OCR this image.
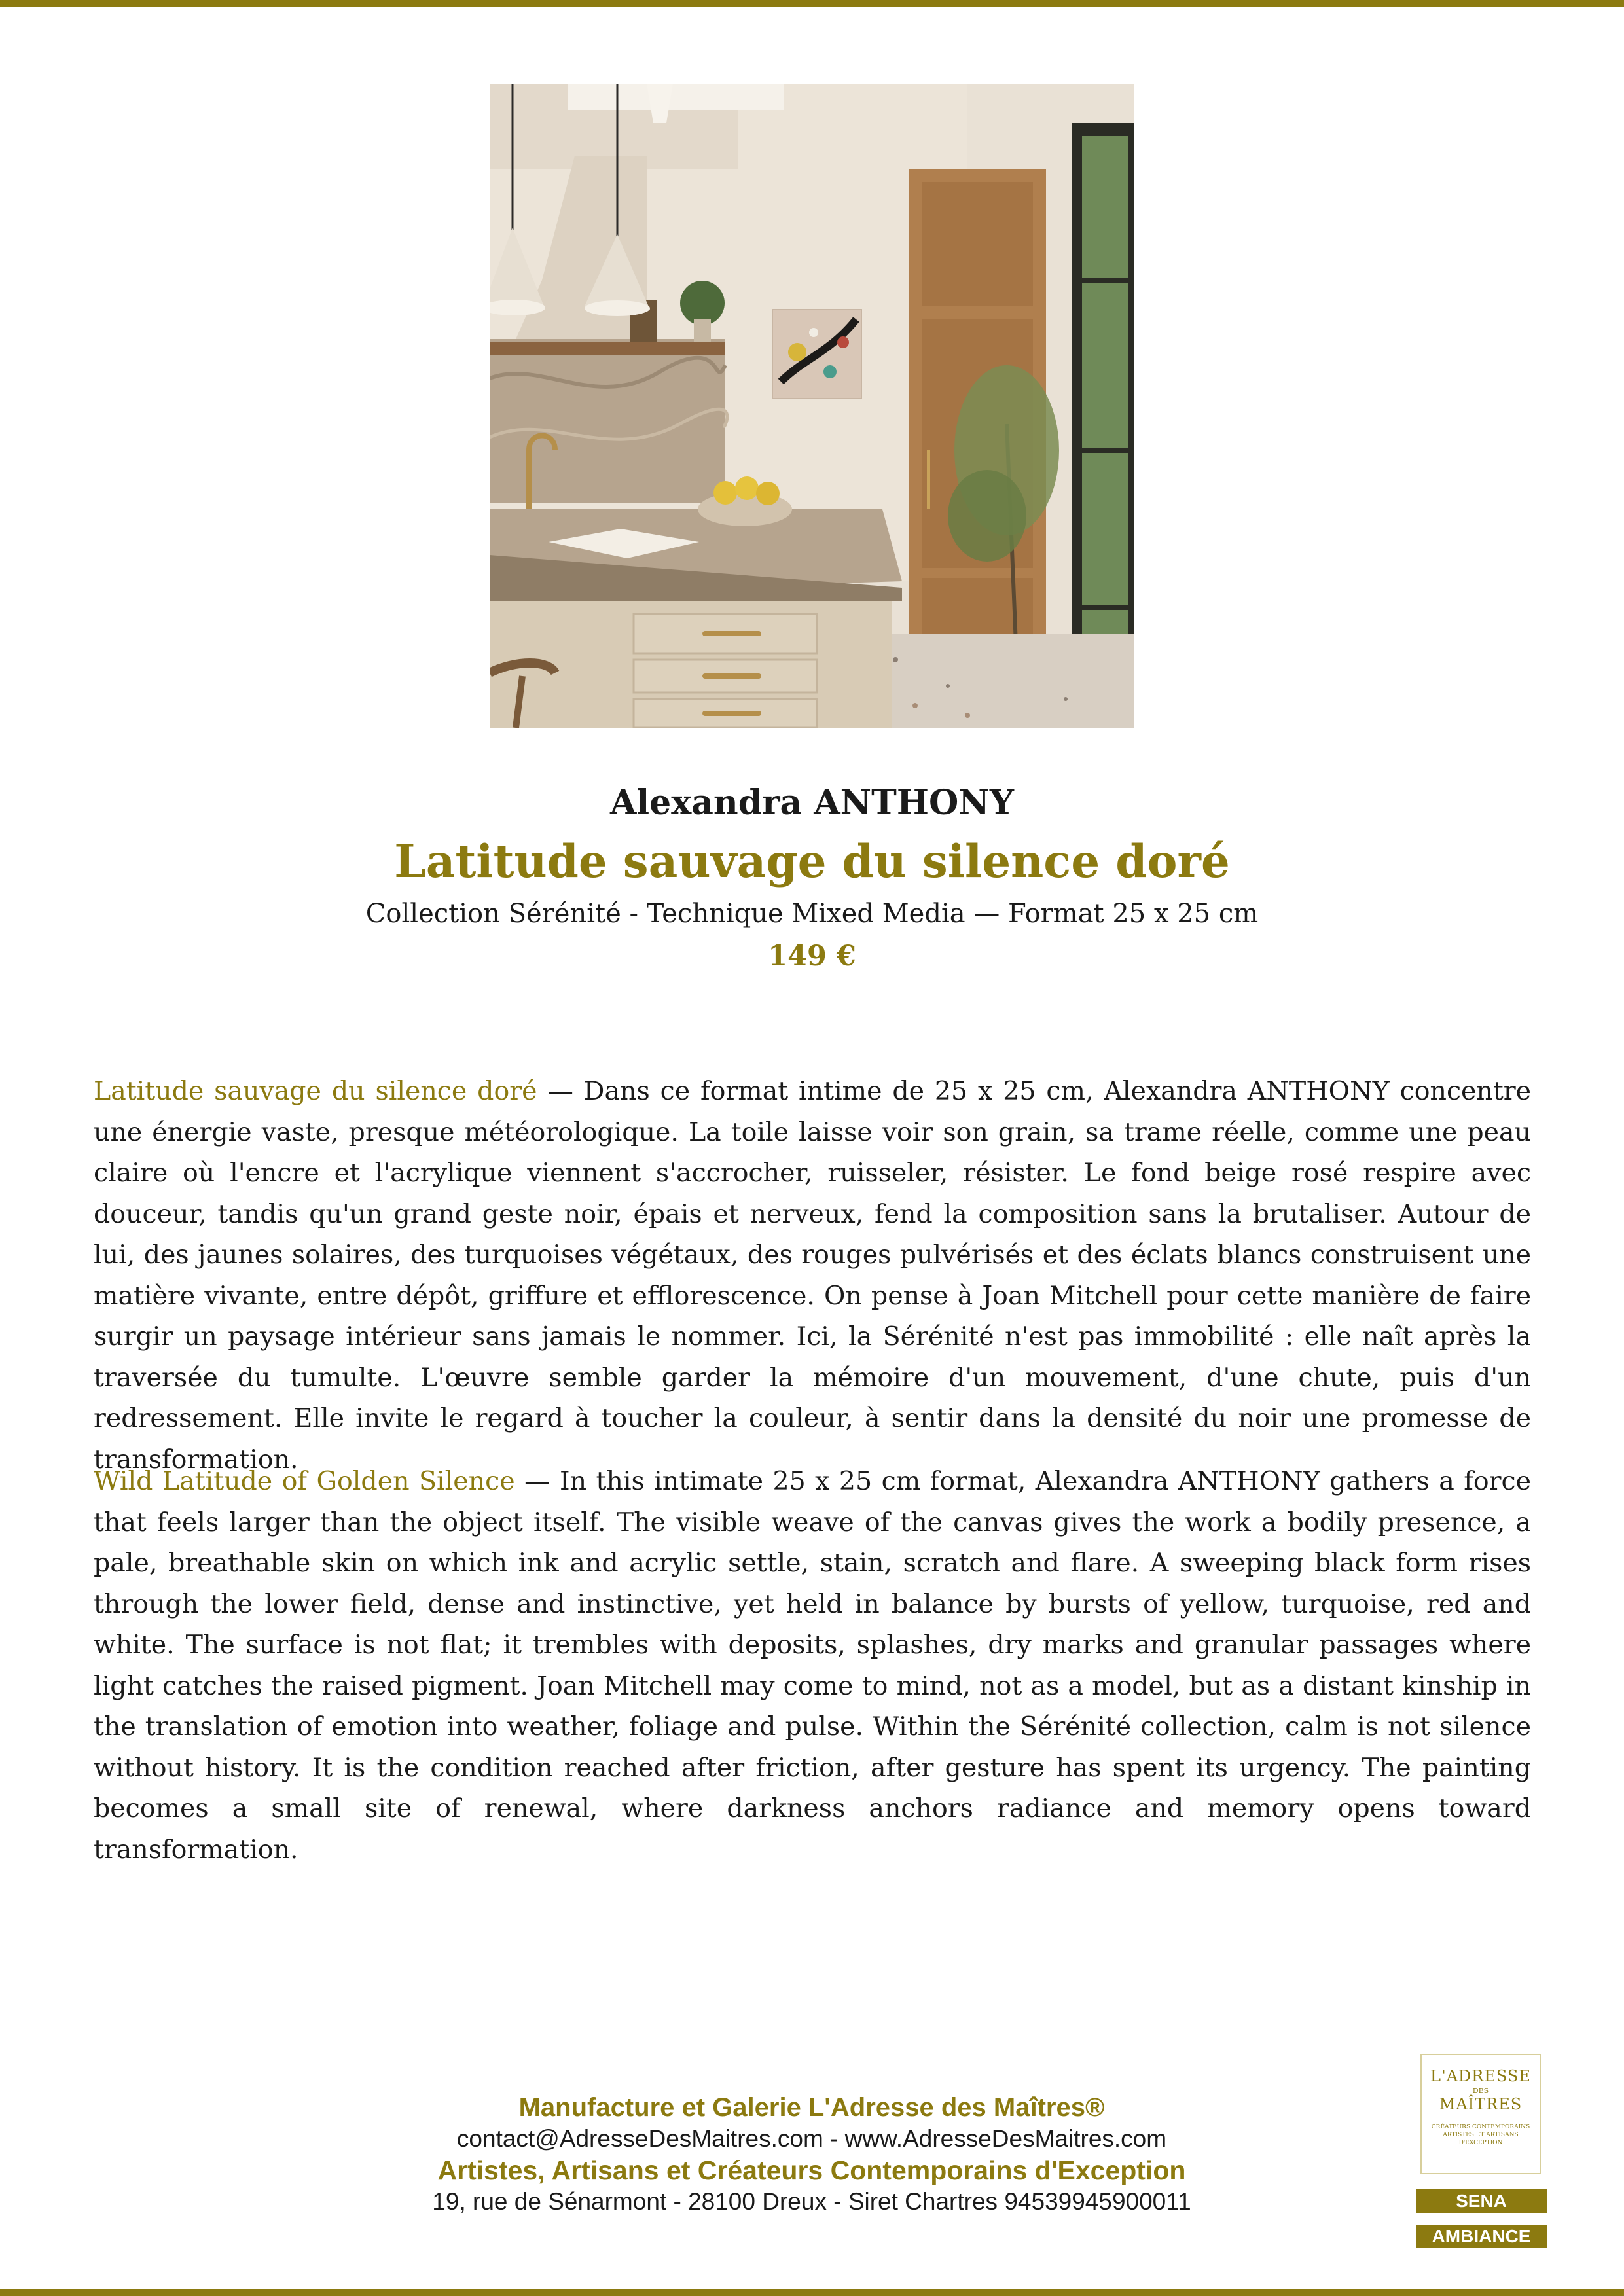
Alexandra ANTHONY
Latitude sauvage du silence doré
Collection Sérénité - Technique Mixed Media — Format 25 x 25 cm
149 €

Latitude sauvage du silence doré — Dans ce format intime de 25 x 25 cm, Alexandra ANTHONY concentre une énergie vaste, presque météorologique. La toile laisse voir son grain, sa trame réelle, comme une peau claire où l'encre et l'acrylique viennent s'accrocher, ruisseler, résister. Le fond beige rosé respire avec douceur, tandis qu'un grand geste noir, épais et nerveux, fend la composition sans la brutaliser. Autour de lui, des jaunes solaires, des turquoises végétaux, des rouges pulvérisés et des éclats blancs construisent une matière vivante, entre dépôt, griffure et efflorescence. On pense à Joan Mitchell pour cette manière de faire surgir un paysage intérieur sans jamais le nommer. Ici, la Sérénité n'est pas immobilité : elle naît après la traversée du tumulte. L'œuvre semble garder la mémoire d'un mouvement, d'une chute, puis d'un redressement. Elle invite le regard à toucher la couleur, à sentir dans la densité du noir une promesse de transformation.

Wild Latitude of Golden Silence — In this intimate 25 x 25 cm format, Alexandra ANTHONY gathers a force that feels larger than the object itself. The visible weave of the canvas gives the work a bodily presence, a pale, breathable skin on which ink and acrylic settle, stain, scratch and flare. A sweeping black form rises through the lower field, dense and instinctive, yet held in balance by bursts of yellow, turquoise, red and white. The surface is not flat; it trembles with deposits, splashes, dry marks and granular passages where light catches the raised pigment. Joan Mitchell may come to mind, not as a model, but as a distant kinship in the translation of emotion into weather, foliage and pulse. Within the Sérénité collection, calm is not silence without history. It is the condition reached after friction, after gesture has spent its urgency. The painting becomes a small site of renewal, where darkness anchors radiance and memory opens toward transformation.

Manufacture et Galerie L'Adresse des Maîtres®
contact@AdresseDesMaitres.com - www.AdresseDesMaitres.com
Artistes, Artisans et Créateurs Contemporains d'Exception
19, rue de Sénarmont - 28100 Dreux - Siret Chartres 94539945900011
L'ADRESSE
DES
MAÎTRES
CRÉATEURS CONTEMPORAINS
ARTISTES ET ARTISANS
D'EXCEPTION
SENA
AMBIANCE
